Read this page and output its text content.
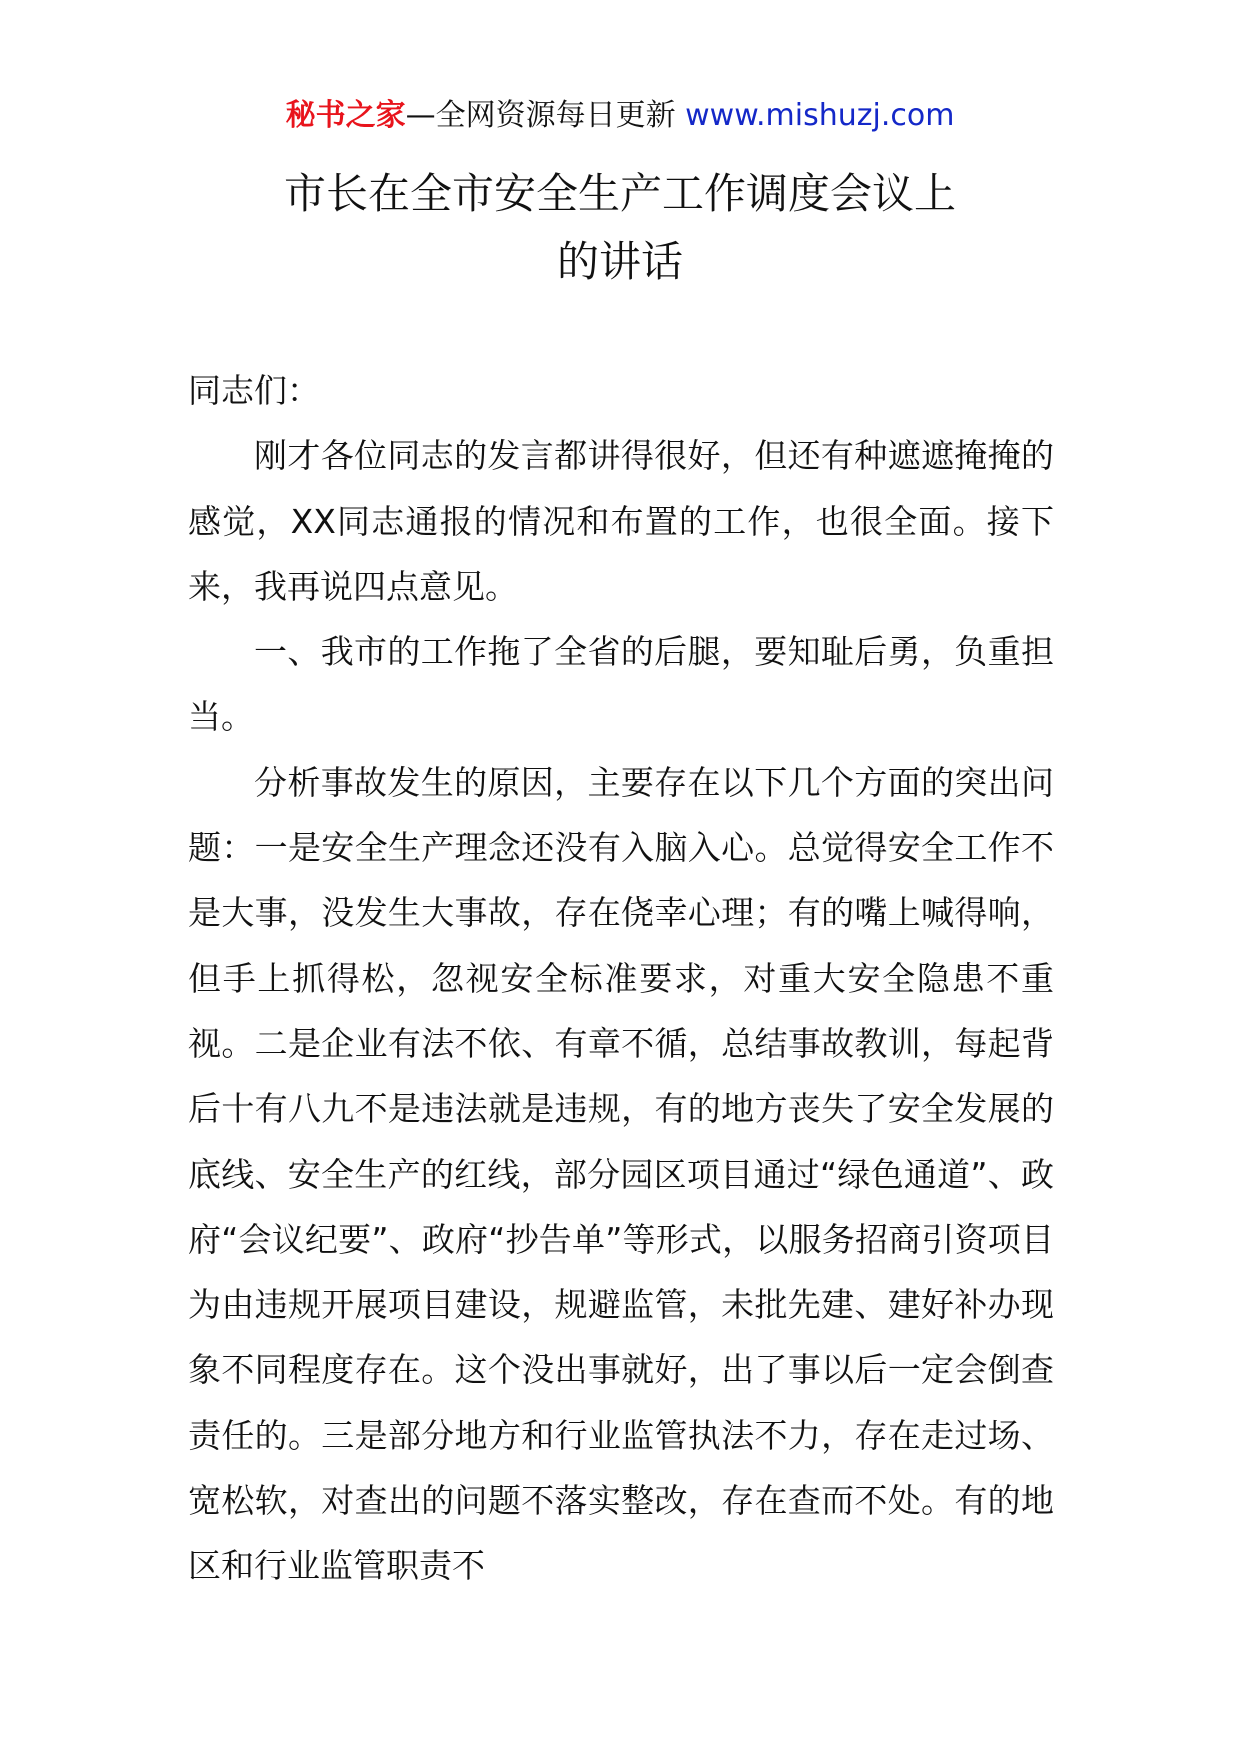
秘书之家—全网资源每日更新 www.mishuzj.com
市长在全市安全生产工作调度会议上
的讲话

同志们：

刚才各位同志的发言都讲得很好，但还有种遮遮掩掩的感觉，XX同志通报的情况和布置的工作，也很全面。接下来，我再说四点意见。

一、我市的工作拖了全省的后腿，要知耻后勇，负重担当。

分析事故发生的原因，主要存在以下几个方面的突出问题：一是安全生产理念还没有入脑入心。总觉得安全工作不是大事，没发生大事故，存在侥幸心理；有的嘴上喊得响，但手上抓得松，忽视安全标准要求，对重大安全隐患不重视。二是企业有法不依、有章不循，总结事故教训，每起背后十有八九不是违法就是违规，有的地方丧失了安全发展的底线、安全生产的红线，部分园区项目通过“绿色通道”、政府“会议纪要”、政府“抄告单”等形式，以服务招商引资项目为由违规开展项目建设，规避监管，未批先建、建好补办现象不同程度存在。这个没出事就好，出了事以后一定会倒查责任的。三是部分地方和行业监管执法不力，存在走过场、宽松软，对查出的问题不落实整改，存在查而不处。有的地区和行业监管职责不
